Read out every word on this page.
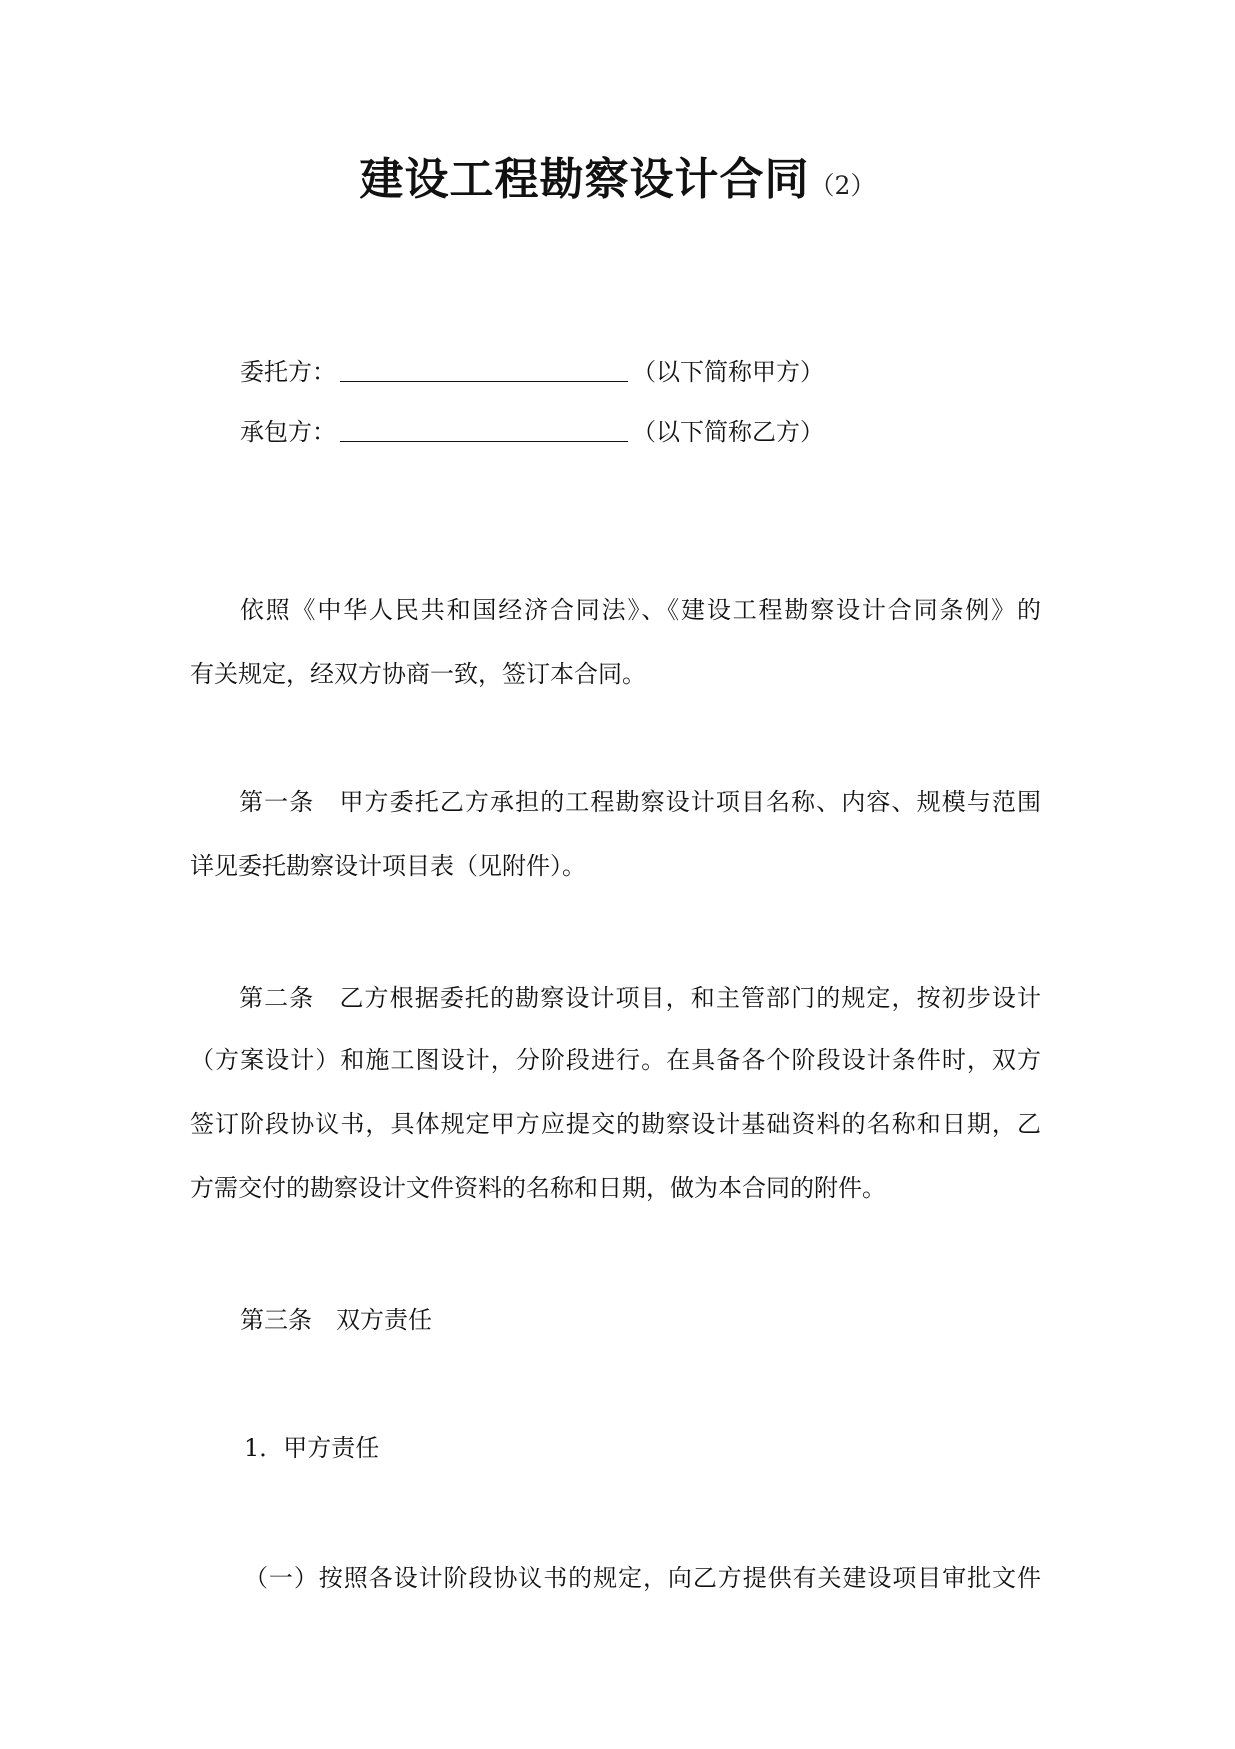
建设工程勘察设计合同（2）
委托方：	（以下简称甲方）
承包方：	（以下简称乙方）
依照《中华人民共和国经济合同法》、《建设工程勘察设计合同条例》的
有关规定，经双方协商一致，签订本合同。
第一条 甲方委托乙方承担的工程勘察设计项目名称、内容、规模与范围
详见委托勘察设计项目表（见附件）。
第二条 乙方根据委托的勘察设计项目，和主管部门的规定，按初步设计
（方案设计）和施工图设计，分阶段进行。在具备各个阶段设计条件时，双方
签订阶段协议书，具体规定甲方应提交的勘察设计基础资料的名称和日期，乙
方需交付的勘察设计文件资料的名称和日期，做为本合同的附件。
第三条 双方责任
1．甲方责任
（一）按照各设计阶段协议书的规定，向乙方提供有关建设项目审批文件
